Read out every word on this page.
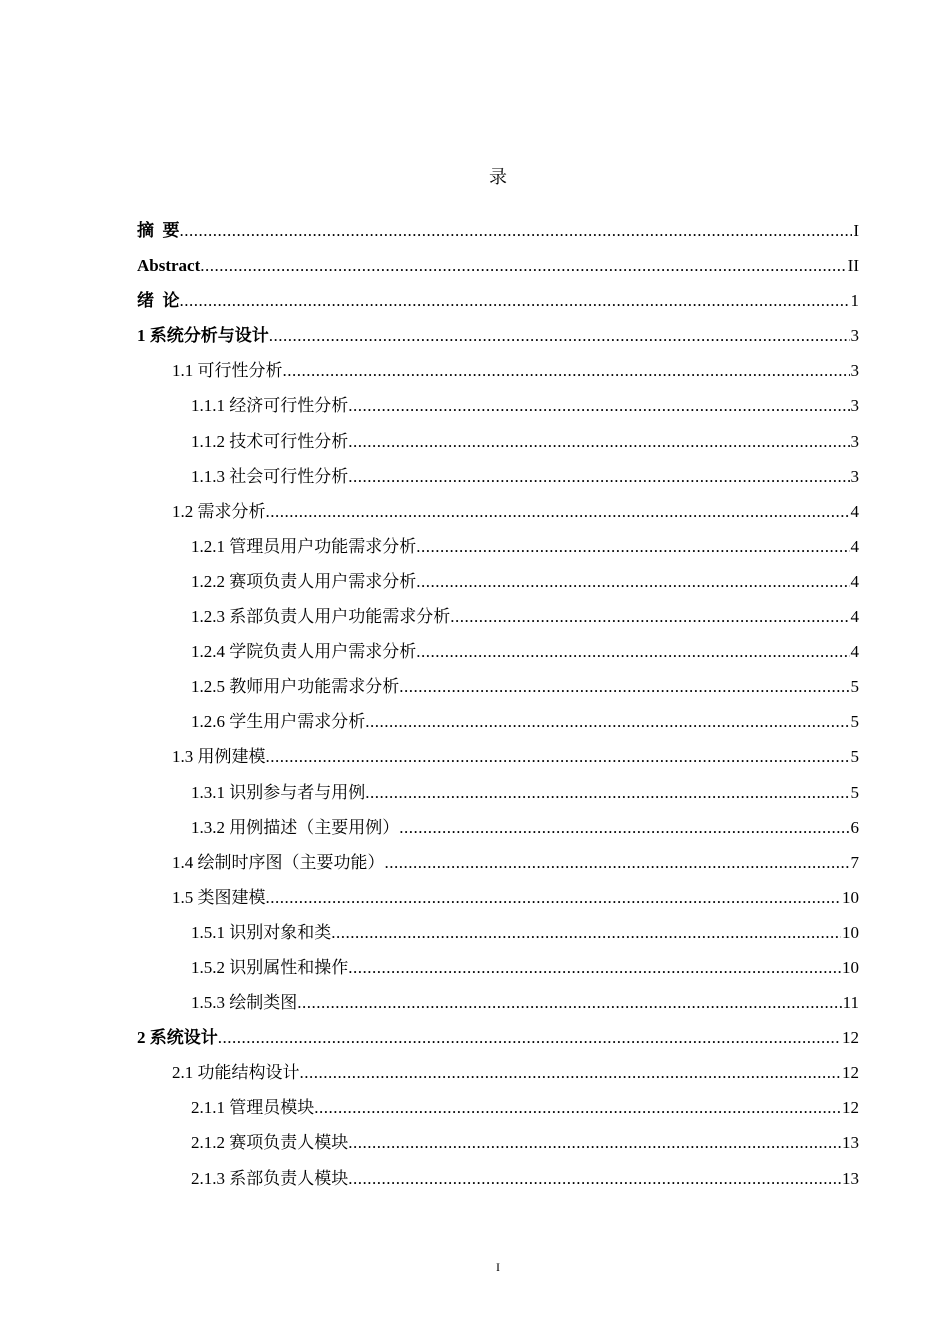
录
摘  要 .....	I
Abstract .....	II
绪  论 .....	1
1 系统分析与设计 .....	3
1.1 可行性分析 .....	3
1.1.1 经济可行性分析 .....	3
1.1.2 技术可行性分析 .....	3
1.1.3 社会可行性分析 .....	3
1.2 需求分析 .....	4
1.2.1 管理员用户功能需求分析 .....	4
1.2.2 赛项负责人用户需求分析 .....	4
1.2.3 系部负责人用户功能需求分析 .....	4
1.2.4 学院负责人用户需求分析 .....	4
1.2.5 教师用户功能需求分析 .....	5
1.2.6 学生用户需求分析 .....	5
1.3 用例建模 .....	5
1.3.1 识别参与者与用例 .....	5
1.3.2 用例描述（主要用例） .....	6
1.4 绘制时序图（主要功能） .....	7
1.5 类图建模 .....	10
1.5.1 识别对象和类 .....	10
1.5.2 识别属性和操作 .....	10
1.5.3 绘制类图 .....	11
2 系统设计 .....	12
2.1 功能结构设计 .....	12
2.1.1 管理员模块 .....	12
2.1.2 赛项负责人模块 .....	13
2.1.3 系部负责人模块 .....	13
I
